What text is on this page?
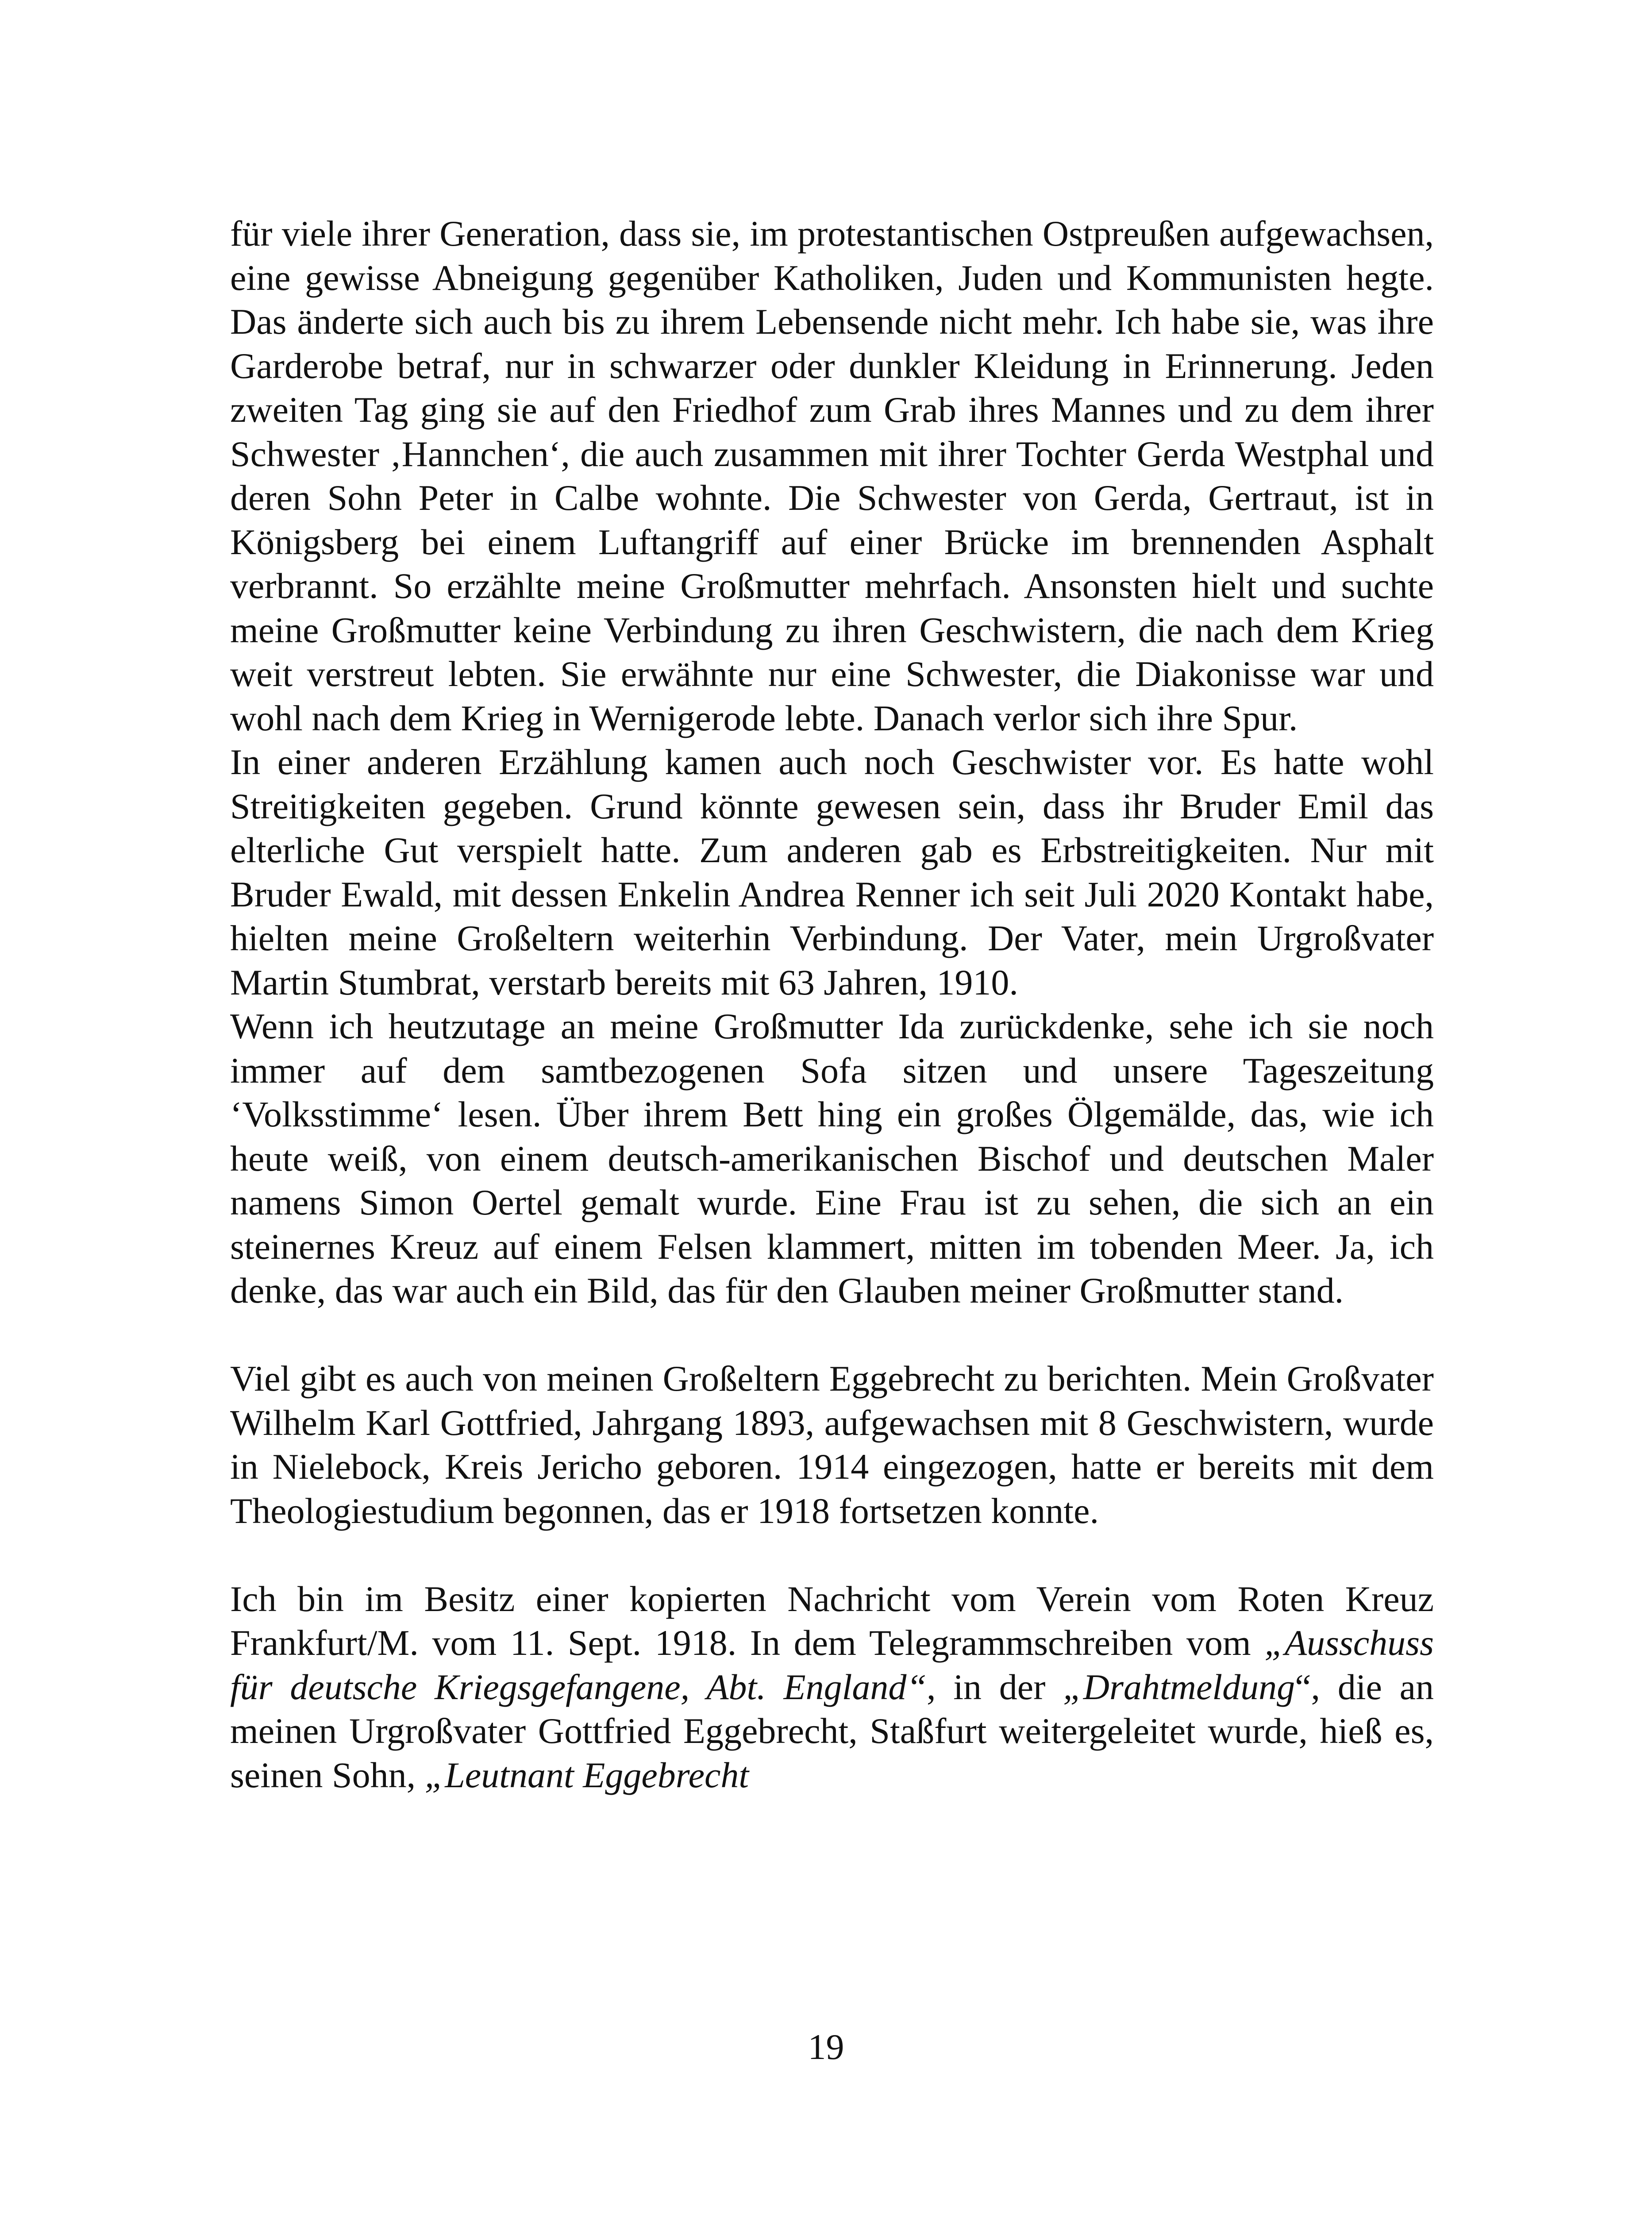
für viele ihrer Generation, dass sie, im protestantischen Ostpreußen aufgewachsen, eine gewisse Abneigung gegenüber Katholiken, Juden und Kommunisten hegte. Das änderte sich auch bis zu ihrem Lebensende nicht mehr. Ich habe sie, was ihre Garderobe betraf, nur in schwarzer oder dunkler Kleidung in Erinnerung. Jeden zweiten Tag ging sie auf den Friedhof zum Grab ihres Mannes und zu dem ihrer Schwester ‚Hannchen‘, die auch zusammen mit ihrer Tochter Gerda Westphal und deren Sohn Peter in Calbe wohnte. Die Schwester von Gerda, Gertraut, ist in Königsberg bei einem Luftangriff auf einer Brücke im brennenden Asphalt verbrannt. So erzählte meine Großmutter mehrfach. Ansonsten hielt und suchte meine Großmutter keine Verbindung zu ihren Geschwistern, die nach dem Krieg weit verstreut lebten. Sie erwähnte nur eine Schwester, die Diakonisse war und wohl nach dem Krieg in Wernigerode lebte. Danach verlor sich ihre Spur.

In einer anderen Erzählung kamen auch noch Geschwister vor. Es hatte wohl Streitigkeiten gegeben. Grund könnte gewesen sein, dass ihr Bruder Emil das elterliche Gut verspielt hatte. Zum anderen gab es Erbstreitigkeiten. Nur mit Bruder Ewald, mit dessen Enkelin Andrea Renner ich seit Juli 2020 Kontakt habe, hielten meine Großeltern weiterhin Verbindung. Der Vater, mein Urgroßvater Martin Stumbrat, verstarb bereits mit 63 Jahren, 1910.

Wenn ich heutzutage an meine Großmutter Ida zurückdenke, sehe ich sie noch immer auf dem samtbezogenen Sofa sitzen und unsere Tageszeitung ‘Volksstimme‘ lesen. Über ihrem Bett hing ein großes Ölgemälde, das, wie ich heute weiß, von einem deutsch-amerikanischen Bischof und deutschen Maler namens Simon Oertel gemalt wurde. Eine Frau ist zu sehen, die sich an ein steinernes Kreuz auf einem Felsen klammert, mitten im tobenden Meer. Ja, ich denke, das war auch ein Bild, das für den Glauben meiner Großmutter stand.

Viel gibt es auch von meinen Großeltern Eggebrecht zu berichten. Mein Großvater Wilhelm Karl Gottfried, Jahrgang 1893, aufgewachsen mit 8 Geschwistern, wurde in Nielebock, Kreis Jericho geboren. 1914 eingezogen, hatte er bereits mit dem Theologiestudium begonnen, das er 1918 fortsetzen konnte.

Ich bin im Besitz einer kopierten Nachricht vom Verein vom Roten Kreuz Frankfurt/M. vom 11. Sept. 1918. In dem Telegrammschreiben vom „Ausschuss für deutsche Kriegsgefangene, Abt. England“, in der „Drahtmeldung“, die an meinen Urgroßvater Gottfried Eggebrecht, Staßfurt weitergeleitet wurde, hieß es, seinen Sohn, „Leutnant Eggebrecht

19
